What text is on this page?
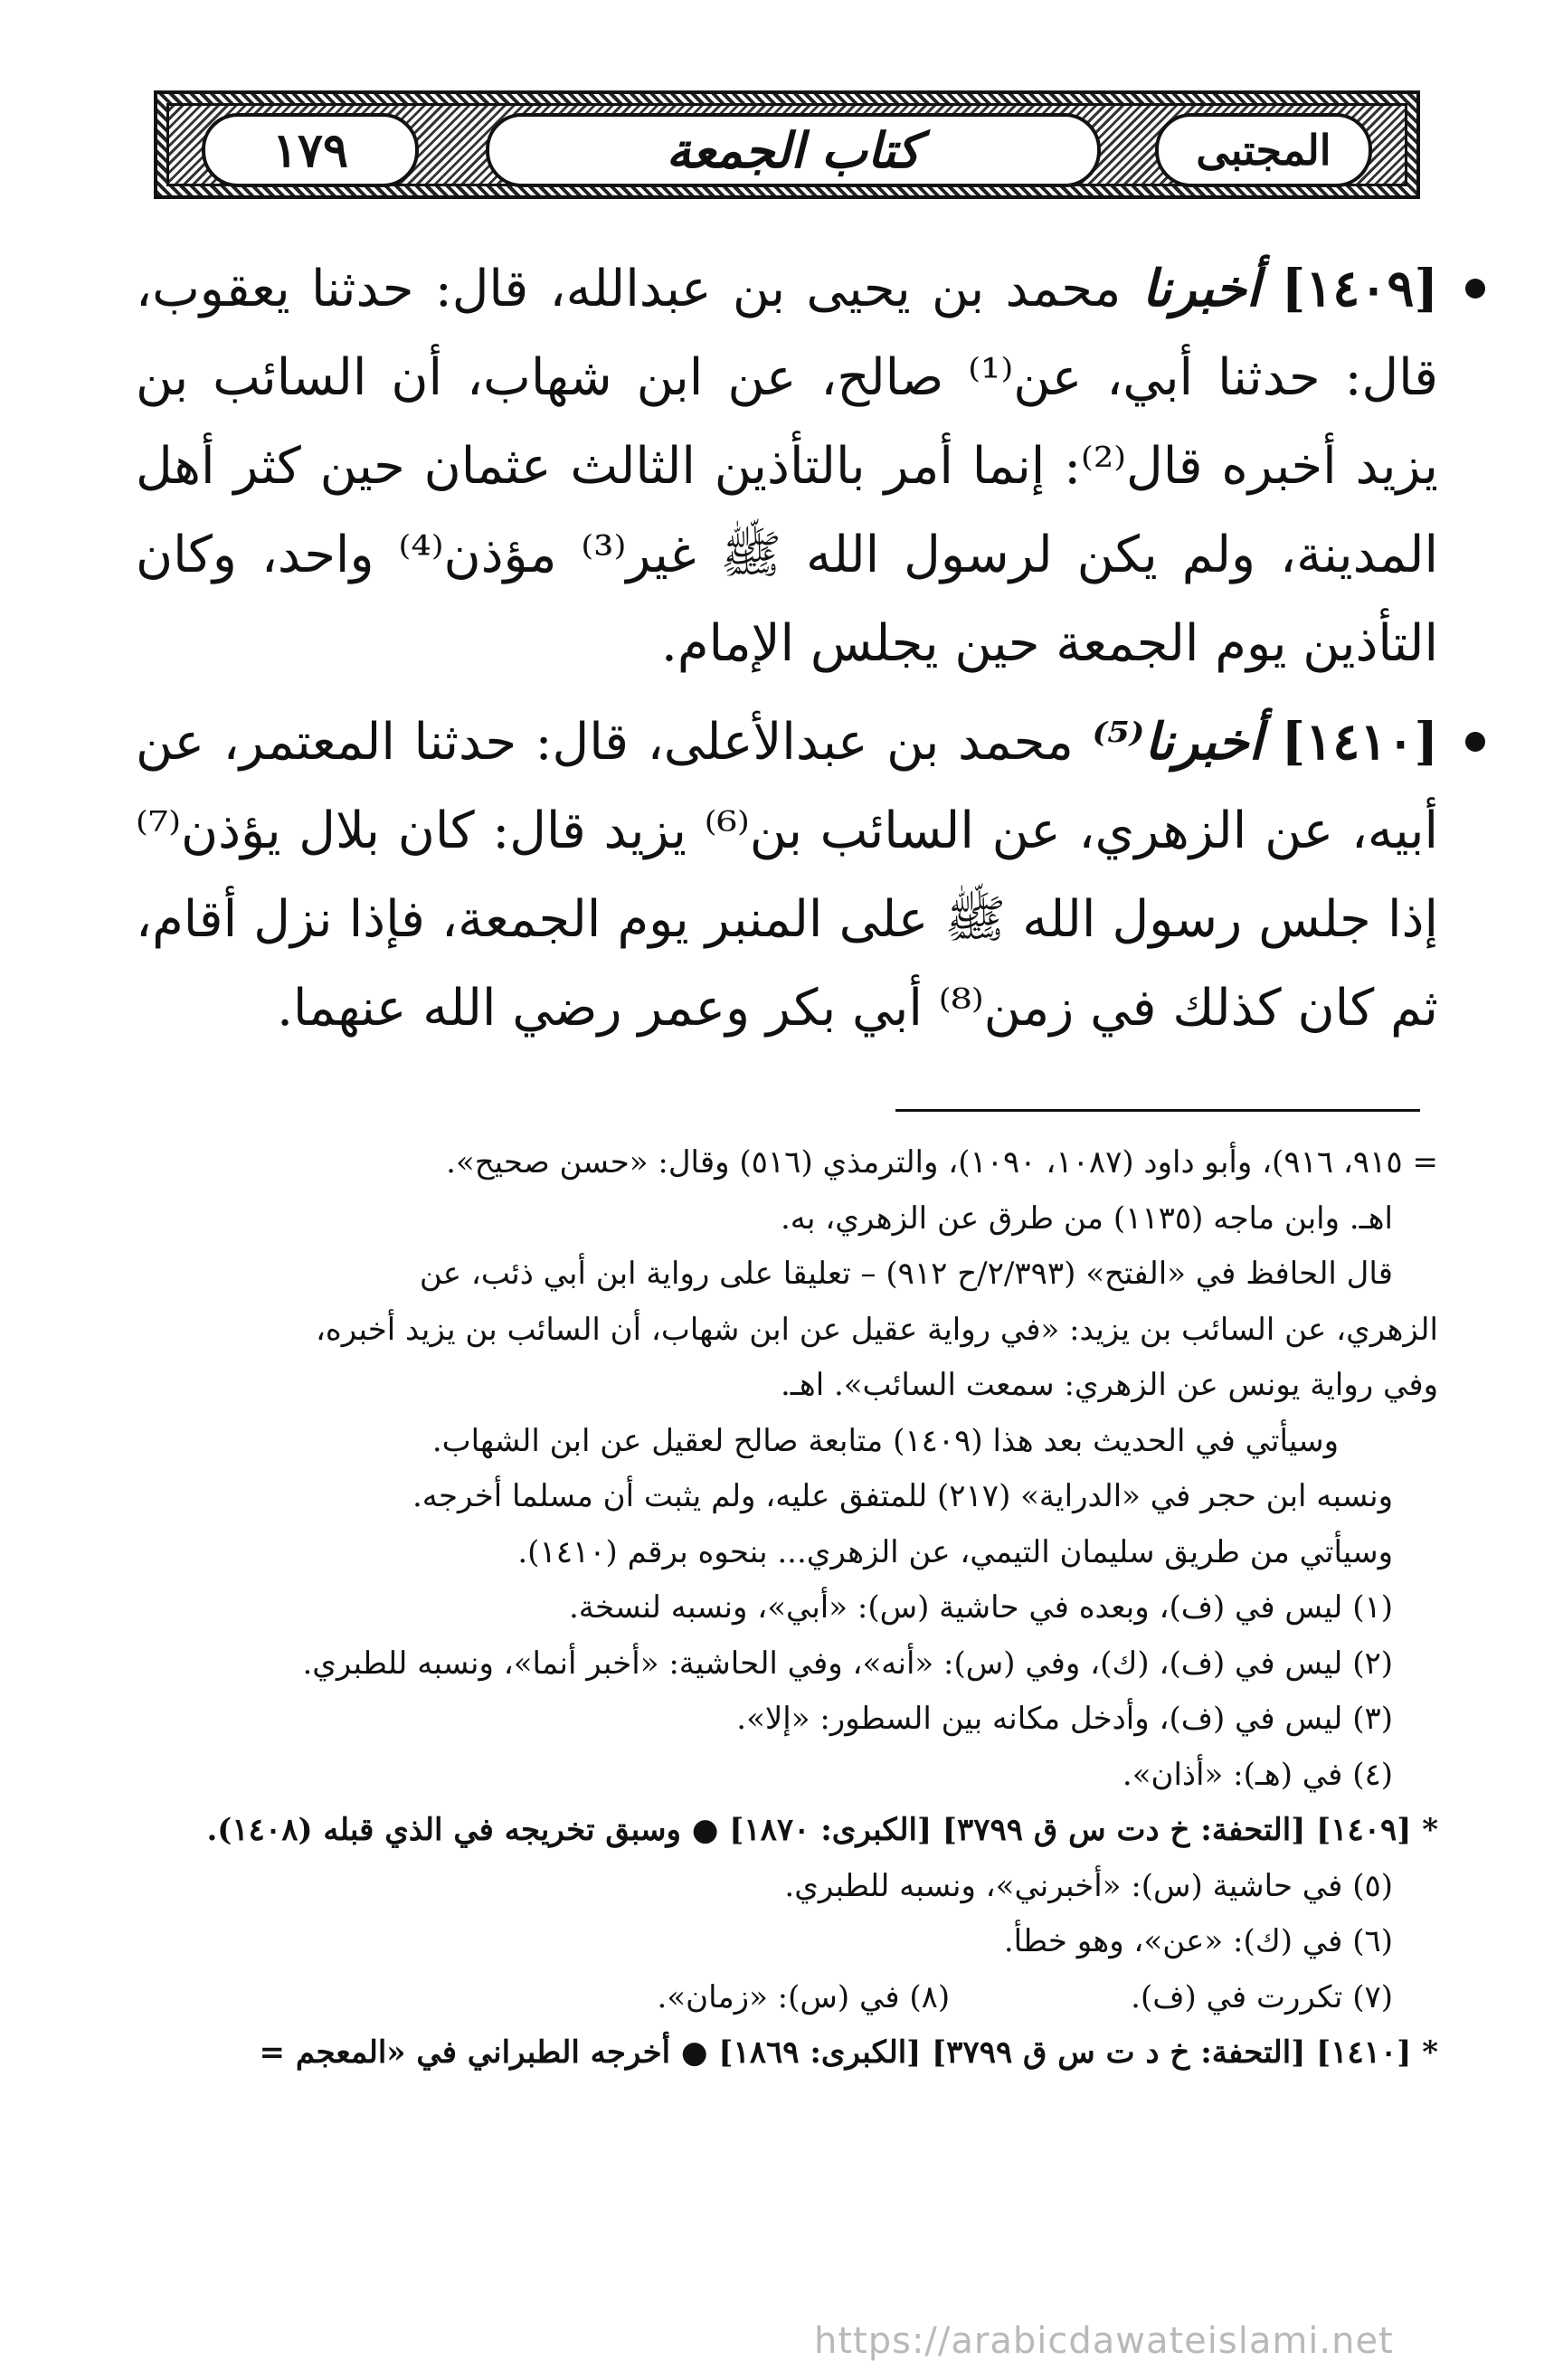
١٧٩	كتاب الجمعة	المجتبى
[١٤٠٩] أخبرنا محمد بن يحيى بن عبدالله، قال: حدثنا يعقوب، قال: حدثنا أبي، عن⁽¹⁾ صالح، عن ابن شهاب، أن السائب بن يزيد أخبره قال⁽²⁾: إنما أمر بالتأذين الثالث عثمان حين كثر أهل المدينة، ولم يكن لرسول الله ﷺ غير⁽³⁾ مؤذن⁽⁴⁾ واحد، وكان التأذين يوم الجمعة حين يجلس الإمام.
[١٤١٠] أخبرنا⁽⁵⁾ محمد بن عبدالأعلى، قال: حدثنا المعتمر، عن أبيه، عن الزهري، عن السائب بن⁽⁶⁾ يزيد قال: كان بلال يؤذن⁽⁷⁾ إذا جلس رسول الله ﷺ على المنبر يوم الجمعة، فإذا نزل أقام، ثم كان كذلك في زمن⁽⁸⁾ أبي بكر وعمر رضي الله عنهما.
= ٩١٥، ٩١٦)، وأبو داود (١٠٨٧، ١٠٩٠)، والترمذي (٥١٦) وقال: «حسن صحيح».
اهـ. وابن ماجه (١١٣٥) من طرق عن الزهري، به.
قال الحافظ في «الفتح» (٢/٣٩٣/ح ٩١٢) – تعليقا على رواية ابن أبي ذئب، عن
الزهري، عن السائب بن يزيد: «في رواية عقيل عن ابن شهاب، أن السائب بن يزيد أخبره،
وفي رواية يونس عن الزهري: سمعت السائب». اهـ.
وسيأتي في الحديث بعد هذا (١٤٠٩) متابعة صالح لعقيل عن ابن الشهاب.
ونسبه ابن حجر في «الدراية» (٢١٧) للمتفق عليه، ولم يثبت أن مسلما أخرجه.
وسيأتي من طريق سليمان التيمي، عن الزهري... بنحوه برقم (١٤١٠).
(١) ليس في (ف)، وبعده في حاشية (س): «أبي»، ونسبه لنسخة.
(٢) ليس في (ف)، (ك)، وفي (س): «أنه»، وفي الحاشية: «أخبر أنما»، ونسبه للطبري.
(٣) ليس في (ف)، وأدخل مكانه بين السطور: «إلا».
(٤) في (هـ): «أذان».
* [١٤٠٩] [التحفة: خ دت س ق ٣٧٩٩] [الكبرى: ١٨٧٠] ● وسبق تخريجه في الذي قبله (١٤٠٨).
(٥) في حاشية (س): «أخبرني»، ونسبه للطبري.
(٦) في (ك): «عن»، وهو خطأ.
(٧) تكررت في (ف).
(٨) في (س): «زمان».
* [١٤١٠] [التحفة: خ د ت س ق ٣٧٩٩] [الكبرى: ١٨٦٩] ● أخرجه الطبراني في «المعجم =
https://arabicdawateislami.net
